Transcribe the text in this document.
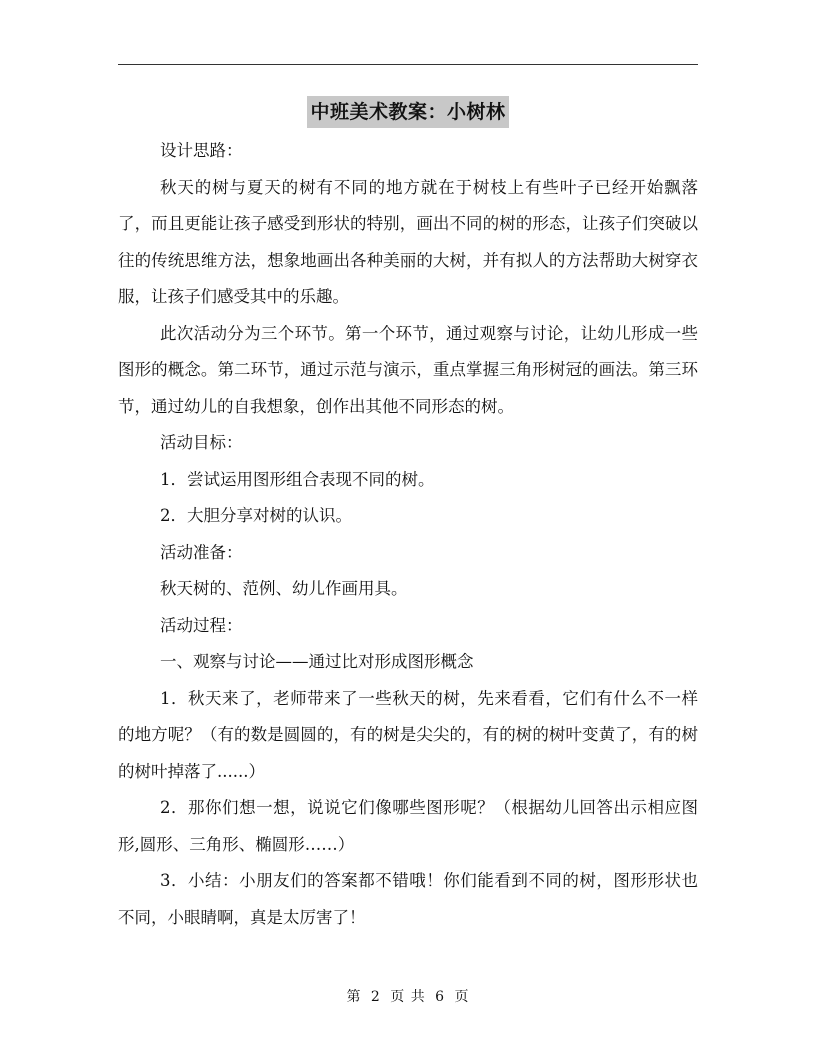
中班美术教案：小树林

设计思路：

秋天的树与夏天的树有不同的地方就在于树枝上有些叶子已经开始飘落了，而且更能让孩子感受到形状的特别，画出不同的树的形态，让孩子们突破以往的传统思维方法，想象地画出各种美丽的大树，并有拟人的方法帮助大树穿衣服，让孩子们感受其中的乐趣。

此次活动分为三个环节。第一个环节，通过观察与讨论，让幼儿形成一些图形的概念。第二环节，通过示范与演示，重点掌握三角形树冠的画法。第三环节，通过幼儿的自我想象，创作出其他不同形态的树。

活动目标：

1．尝试运用图形组合表现不同的树。

2．大胆分享对树的认识。

活动准备：

秋天树的、范例、幼儿作画用具。

活动过程：

一、观察与讨论——通过比对形成图形概念

1．秋天来了，老师带来了一些秋天的树，先来看看，它们有什么不一样的地方呢？（有的数是圆圆的，有的树是尖尖的，有的树的树叶变黄了，有的树的树叶掉落了......）

2．那你们想一想，说说它们像哪些图形呢？（根据幼儿回答出示相应图形,圆形、三角形、椭圆形……）

3．小结：小朋友们的答案都不错哦！你们能看到不同的树，图形形状也不同，小眼睛啊，真是太厉害了！

第 2 页 共 6 页
